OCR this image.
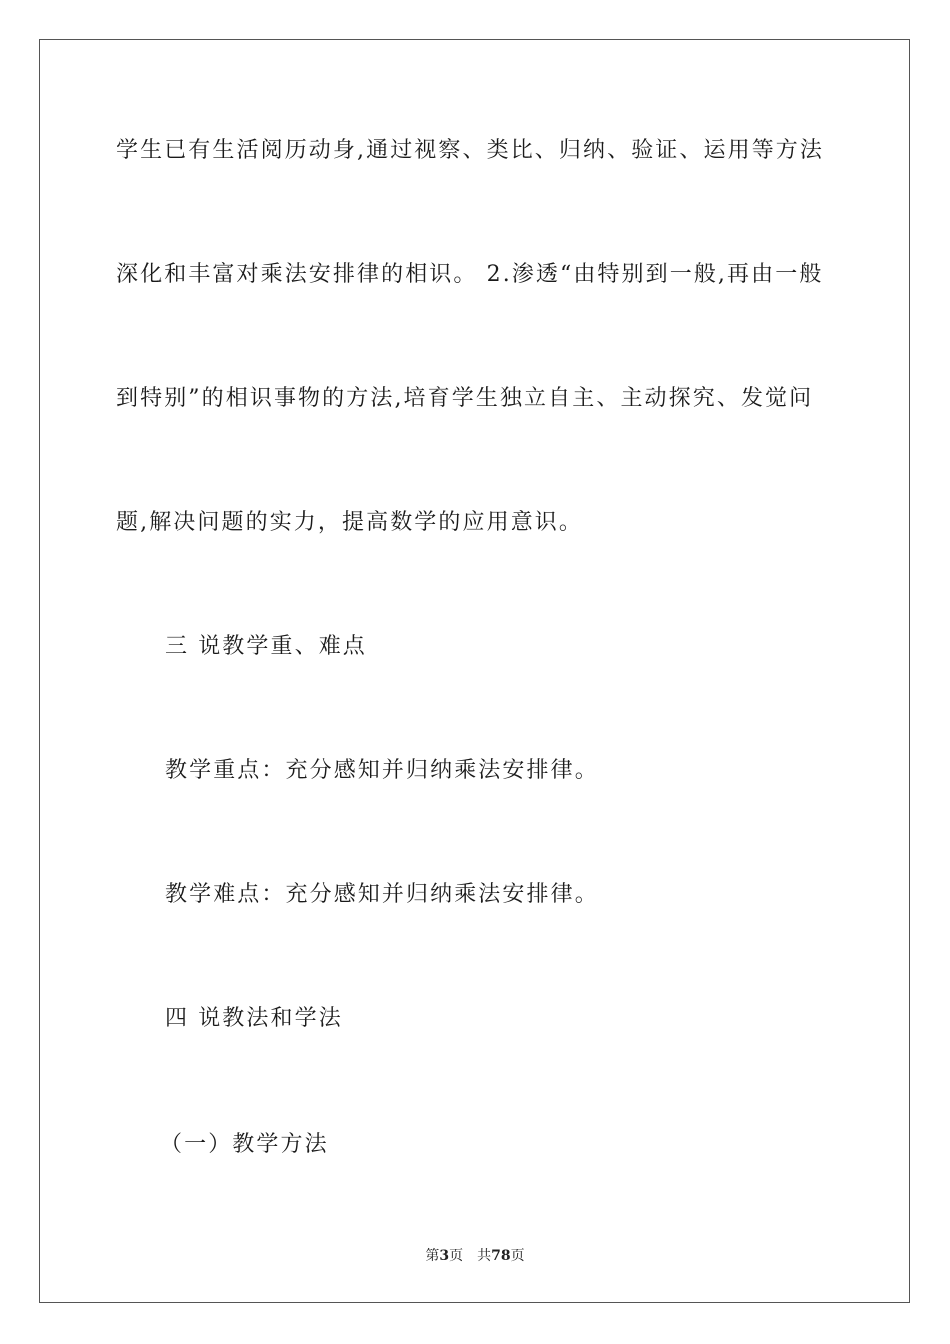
学生已有生活阅历动身,通过视察、类比、归纳、验证、运用等方法
深化和丰富对乘法安排律的相识。 2.渗透“由特别到一般,再由一般
到特别”的相识事物的方法,培育学生独立自主、主动探究、发觉问
题,解决问题的实力，提高数学的应用意识。
三 说教学重、难点
教学重点：充分感知并归纳乘法安排律。
教学难点：充分感知并归纳乘法安排律。
四 说教法和学法
（一）教学方法
第3页 共78页
